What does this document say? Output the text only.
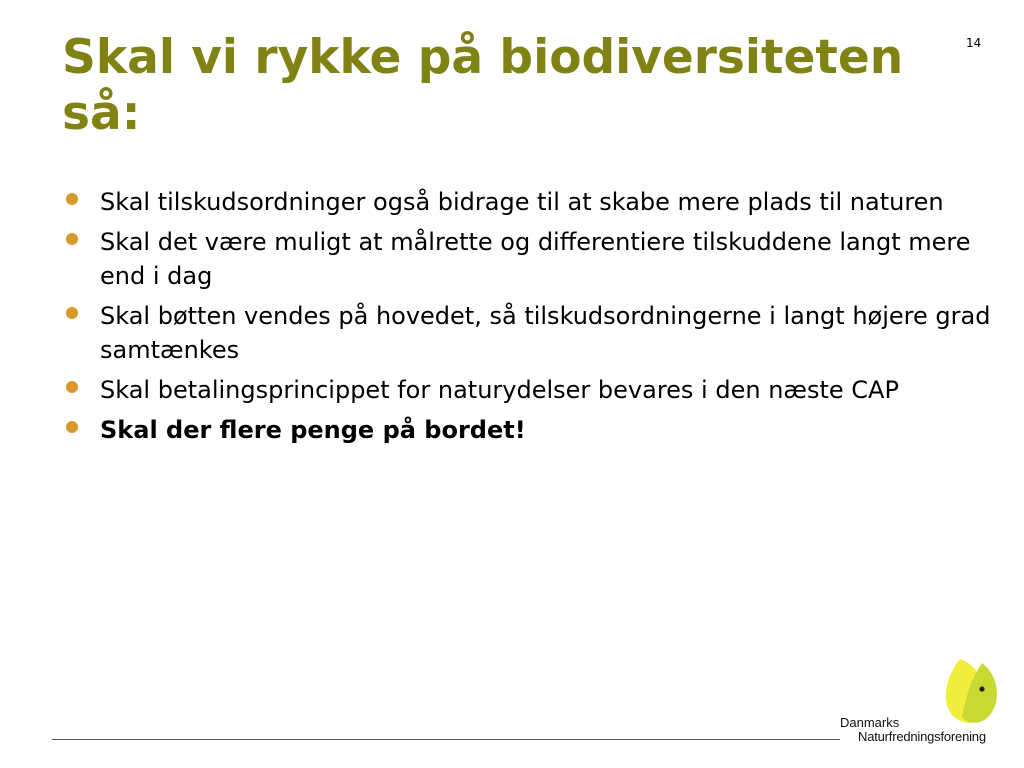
Skal vi rykke på biodiversiteten så:
14
Skal tilskudsordninger også bidrage til at skabe mere plads til naturen
Skal det være muligt at målrette og differentiere tilskuddene langt mere end i dag
Skal bøtten vendes på hovedet, så tilskudsordningerne i langt højere grad samtænkes
Skal betalingsprincippet for naturydelser bevares i den næste CAP
Skal der flere penge på bordet!
Danmarks
Naturfredningsforening
